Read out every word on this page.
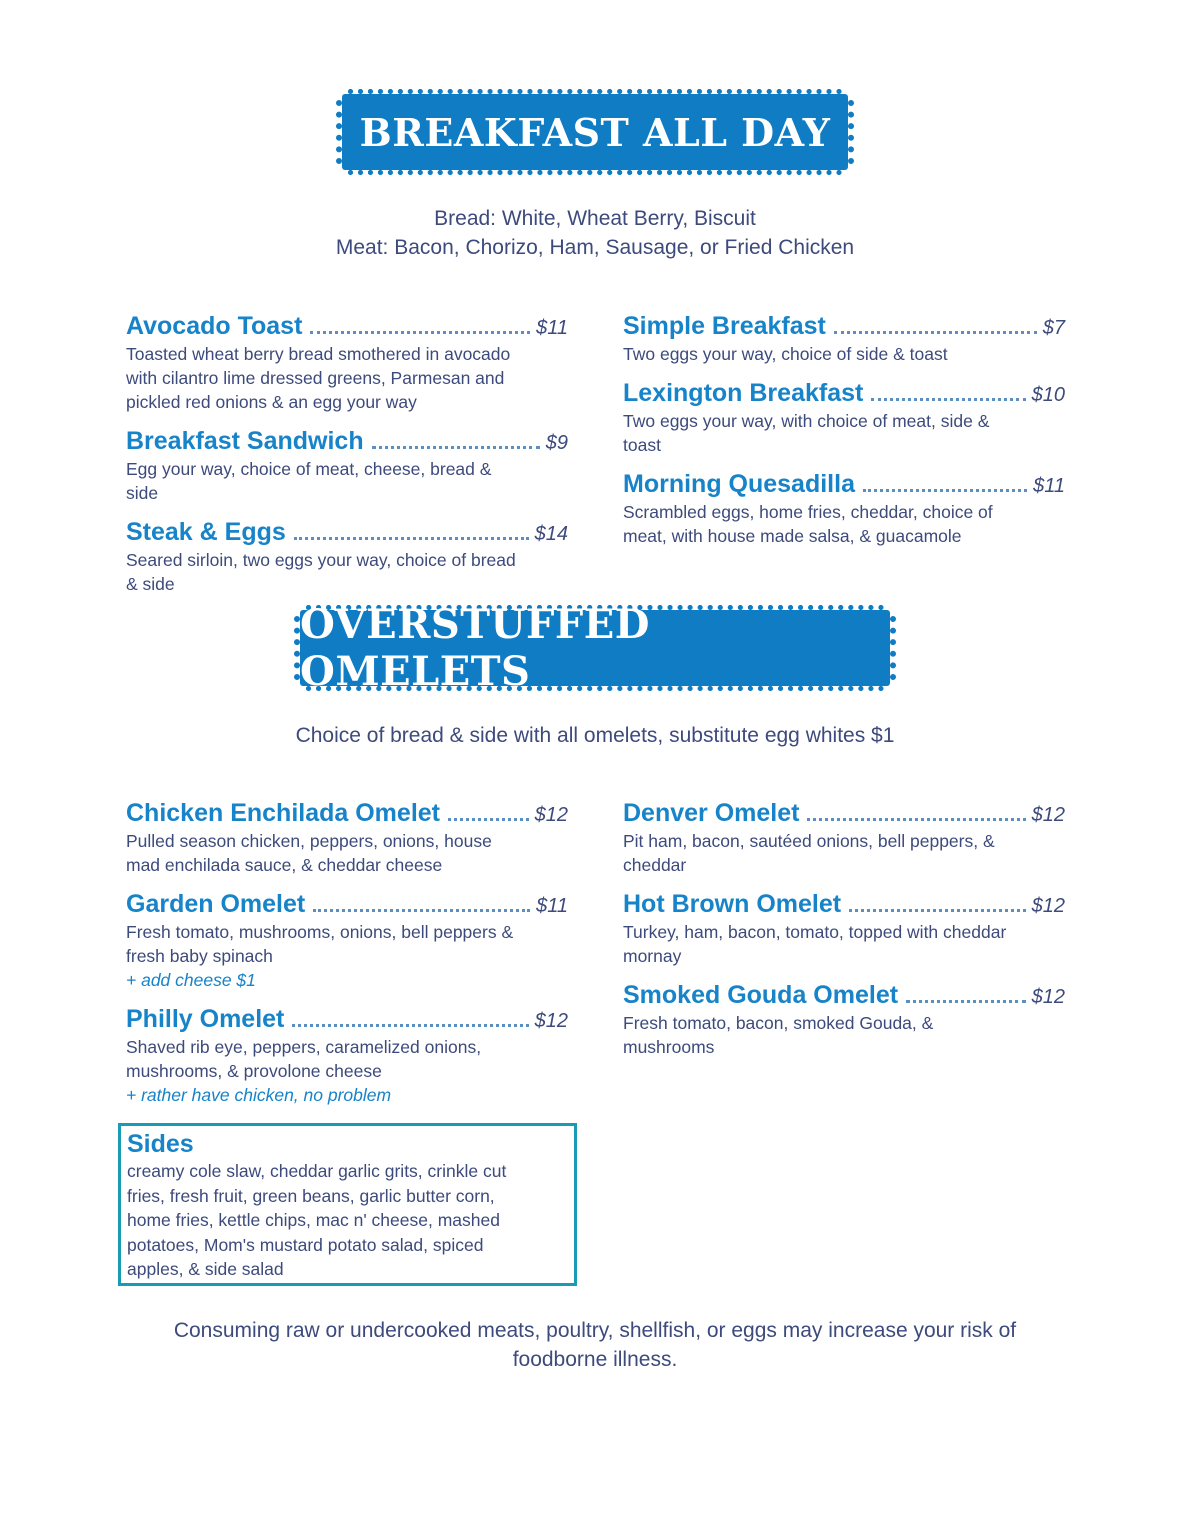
BREAKFAST ALL DAY
Bread: White, Wheat Berry, Biscuit
Meat: Bacon, Chorizo, Ham, Sausage, or Fried Chicken
Avocado Toast	$11
Toasted wheat berry bread smothered in avocado with cilantro lime dressed greens, Parmesan and pickled red onions & an egg your way
Breakfast Sandwich	$9
Egg your way, choice of meat, cheese, bread & side
Steak & Eggs	$14
Seared sirloin, two eggs your way, choice of bread & side
Simple Breakfast	$7
Two eggs your way, choice of side & toast
Lexington Breakfast	$10
Two eggs your way, with choice of meat, side & toast
Morning Quesadilla	$11
Scrambled eggs, home fries, cheddar, choice of meat, with house made salsa, & guacamole
OVERSTUFFED OMELETS
Choice of bread & side with all omelets, substitute egg whites $1
Chicken Enchilada Omelet	$12
Pulled season chicken, peppers, onions, house mad enchilada sauce, & cheddar cheese
Garden Omelet	$11
Fresh tomato, mushrooms, onions, bell peppers & fresh baby spinach
+ add cheese $1
Philly Omelet	$12
Shaved rib eye, peppers, caramelized onions, mushrooms, & provolone cheese
+ rather have chicken, no problem
Denver Omelet	$12
Pit ham, bacon, sautéed onions, bell peppers, & cheddar
Hot Brown Omelet	$12
Turkey, ham, bacon, tomato, topped with cheddar mornay
Smoked Gouda Omelet	$12
Fresh tomato, bacon, smoked Gouda, & mushrooms
Sides
creamy cole slaw, cheddar garlic grits, crinkle cut fries, fresh fruit, green beans, garlic butter corn, home fries, kettle chips, mac n' cheese, mashed potatoes, Mom's mustard potato salad, spiced apples, & side salad
Consuming raw or undercooked meats, poultry, shellfish, or eggs may increase your risk of foodborne illness.
